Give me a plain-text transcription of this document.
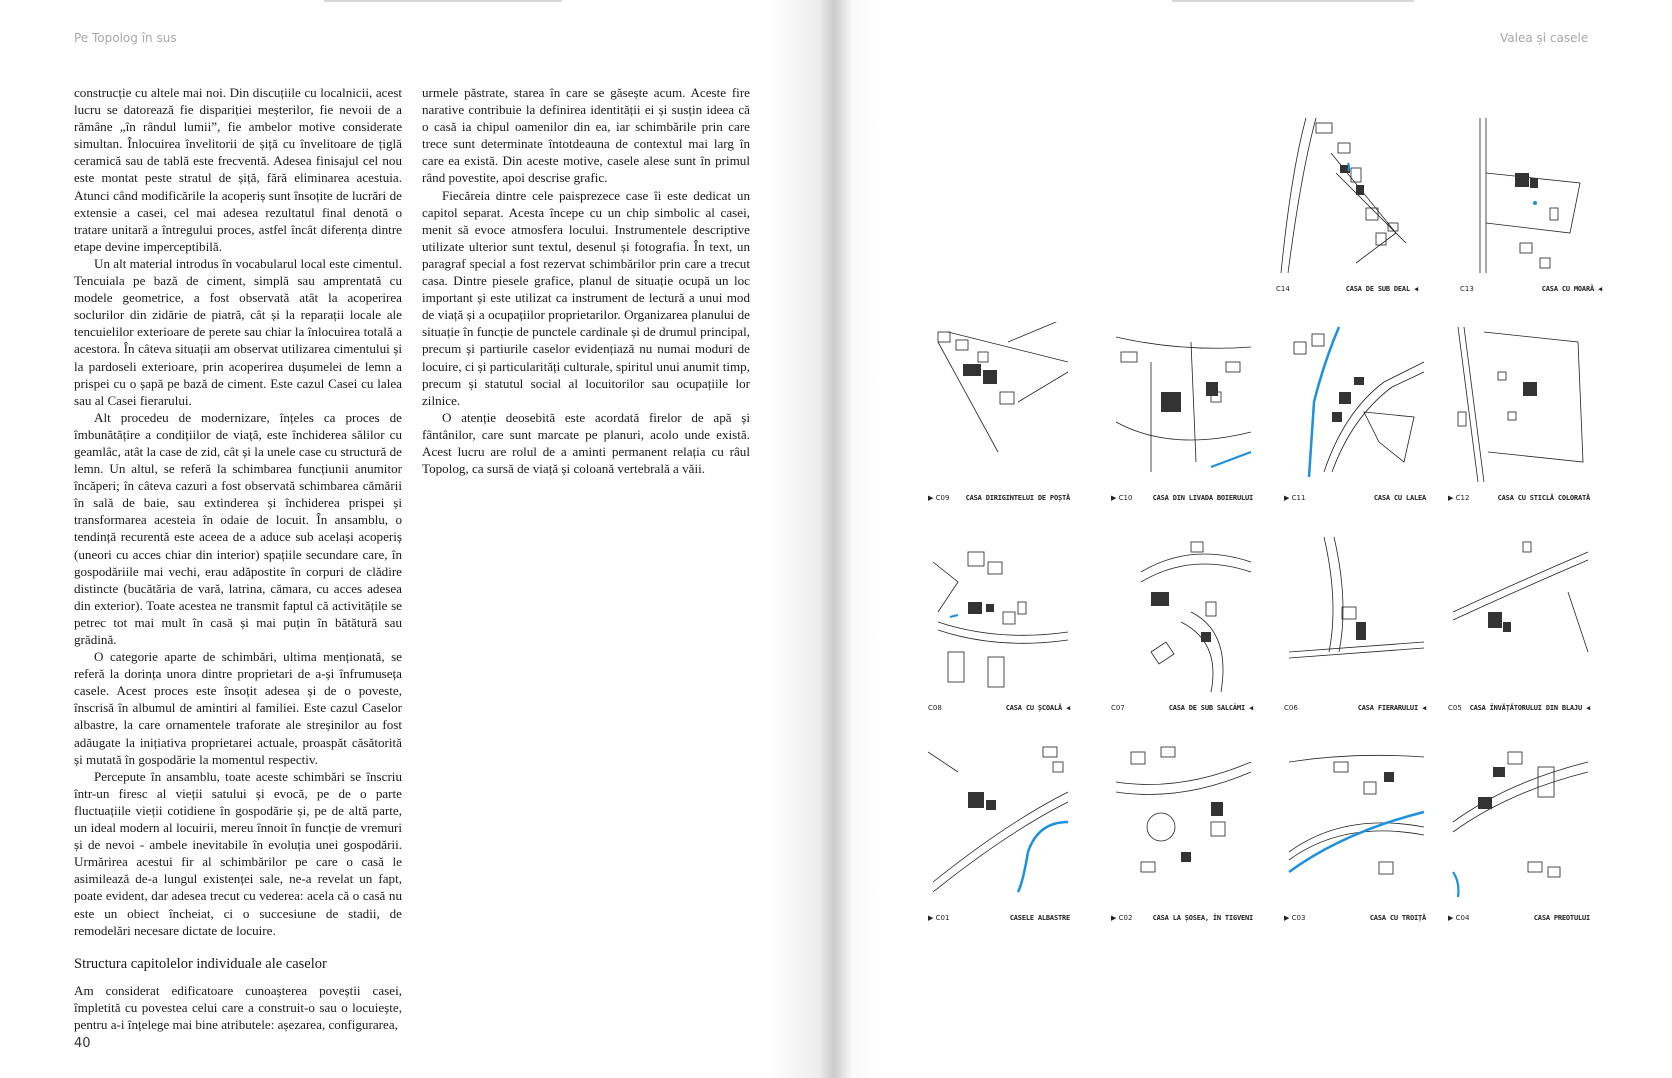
Pe Topolog în sus

construcție cu altele mai noi. Din discuțiile cu localnicii, acest lucru se datorează fie dispariției meșterilor, fie nevoii de a rămâne „în rândul lumii”, fie ambelor motive considerate simultan. Înlocuirea învelitorii de șiță cu învelitoare de țiglă ceramică sau de tablă este frecventă. Adesea finisajul cel nou este montat peste stratul de șiță, fără eliminarea acestuia. Atunci când modificările la acoperiș sunt însoțite de lucrări de extensie a casei, cel mai adesea rezultatul final denotă o tratare unitară a întregului proces, astfel încât diferența dintre etape devine imperceptibilă.

Un alt material introdus în vocabularul local este cimentul. Tencuiala pe bază de ciment, simplă sau amprentată cu modele geometrice, a fost observată atât la acoperirea soclurilor din zidărie de piatră, cât și la reparații locale ale tencuielilor exterioare de perete sau chiar la înlocuirea totală a acestora. În câteva situații am observat utilizarea cimentului și la pardoseli exterioare, prin acoperirea dușumelei de lemn a prispei cu o șapă pe bază de ciment. Este cazul Casei cu lalea sau al Casei fierarului.

Alt procedeu de modernizare, înțeles ca proces de îmbunătățire a condițiilor de viață, este închiderea sălilor cu geamlâc, atât la case de zid, cât și la unele case cu structură de lemn. Un altul, se referă la schimbarea funcțiunii anumitor încăperi; în câteva cazuri a fost observată schimbarea cămării în sală de baie, sau extinderea și închiderea prispei și transformarea acesteia în odaie de locuit. În ansamblu, o tendință recurentă este aceea de a aduce sub același acoperiș (uneori cu acces chiar din interior) spațiile secundare care, în gospodăriile mai vechi, erau adăpostite în corpuri de clădire distincte (bucătăria de vară, latrina, cămara, cu acces adesea din exterior). Toate acestea ne transmit faptul că activitățile se petrec tot mai mult în casă și mai puțin în bătătură sau grădină.

O categorie aparte de schimbări, ultima menționată, se referă la dorința unora dintre proprietari de a-și înfrumuseța casele. Acest proces este însoțit adesea și de o poveste, înscrisă în albumul de amintiri al familiei. Este cazul Caselor albastre, la care ornamentele traforate ale streșinilor au fost adăugate la inițiativa proprietarei actuale, proaspăt căsătorită și mutată în gospodărie la momentul respectiv.

Percepute în ansamblu, toate aceste schimbări se înscriu într-un firesc al vieții satului și evocă, pe de o parte fluctuațiile vieții cotidiene în gospodărie și, pe de altă parte, un ideal modern al locuirii, mereu înnoit în funcție de vremuri și de nevoi - ambele inevitabile în evoluția unei gospodării. Urmărirea acestui fir al schimbărilor pe care o casă le asimilează de-a lungul existenței sale, ne-a revelat un fapt, poate evident, dar adesea trecut cu vederea: acela că o casă nu este un obiect încheiat, ci o succesiune de stadii, de remodelări necesare dictate de locuire.

Structura capitolelor individuale ale caselor

Am considerat edificatoare cunoașterea poveștii casei, împletită cu povestea celui care a construit-o sau o locuiește, pentru a-i înțelege mai bine atributele: așezarea, configurarea,

urmele păstrate, starea în care se găsește acum. Aceste fire narative contribuie la definirea identității ei și susțin ideea că o casă ia chipul oamenilor din ea, iar schimbările prin care trece sunt determinate întotdeauna de contextul mai larg în care ea există. Din aceste motive, casele alese sunt în primul rând povestite, apoi descrise grafic.

Fiecăreia dintre cele paisprezece case îi este dedicat un capitol separat. Acesta începe cu un chip simbolic al casei, menit să evoce atmosfera locului. Instrumentele descriptive utilizate ulterior sunt textul, desenul și fotografia. În text, un paragraf special a fost rezervat schimbărilor prin care a trecut casa. Dintre piesele grafice, planul de situație ocupă un loc important și este utilizat ca instrument de lectură a unui mod de viață și a ocupațiilor proprietarilor. Organizarea planului de situație în funcție de punctele cardinale și de drumul principal, precum și partiurile caselor evidențiază nu numai moduri de locuire, ci și particularități culturale, spiritul unui anumit timp, precum și statutul social al locuitorilor sau ocupațiile lor zilnice.

O atenție deosebită este acordată firelor de apă și fântânilor, care sunt marcate pe planuri, acolo unde există. Acest lucru are rolul de a aminti permanent relația cu râul Topolog, ca sursă de viață și coloană vertebrală a văii.

40
Valea și casele
C14	CASA DE SUB DEAL ◀	C13	CASA CU MOARĂ ◀
▶ C09 CASA DIRIGINTELUI DE POȘTĂ	▶ C10	CASA DIN LIVADA BOIERULUI	▶ C11	CASA CU LALEA	▶ C12	CASA CU STICLĂ COLORATĂ
C08	CASA CU ȘCOALĂ ◀	C07	CASA DE SUB SALCÂMI ◀	C06	CASA FIERARULUI ◀	C05 CASA ÎNVĂȚĂTORULUI DIN BLAJU ◀
▶ C01	CASELE ALBASTRE	▶ C02	CASA LA ȘOSEA, ÎN TIGVENI	▶ C03	CASA CU TROIȚĂ	▶ C04	CASA PREOTULUI
